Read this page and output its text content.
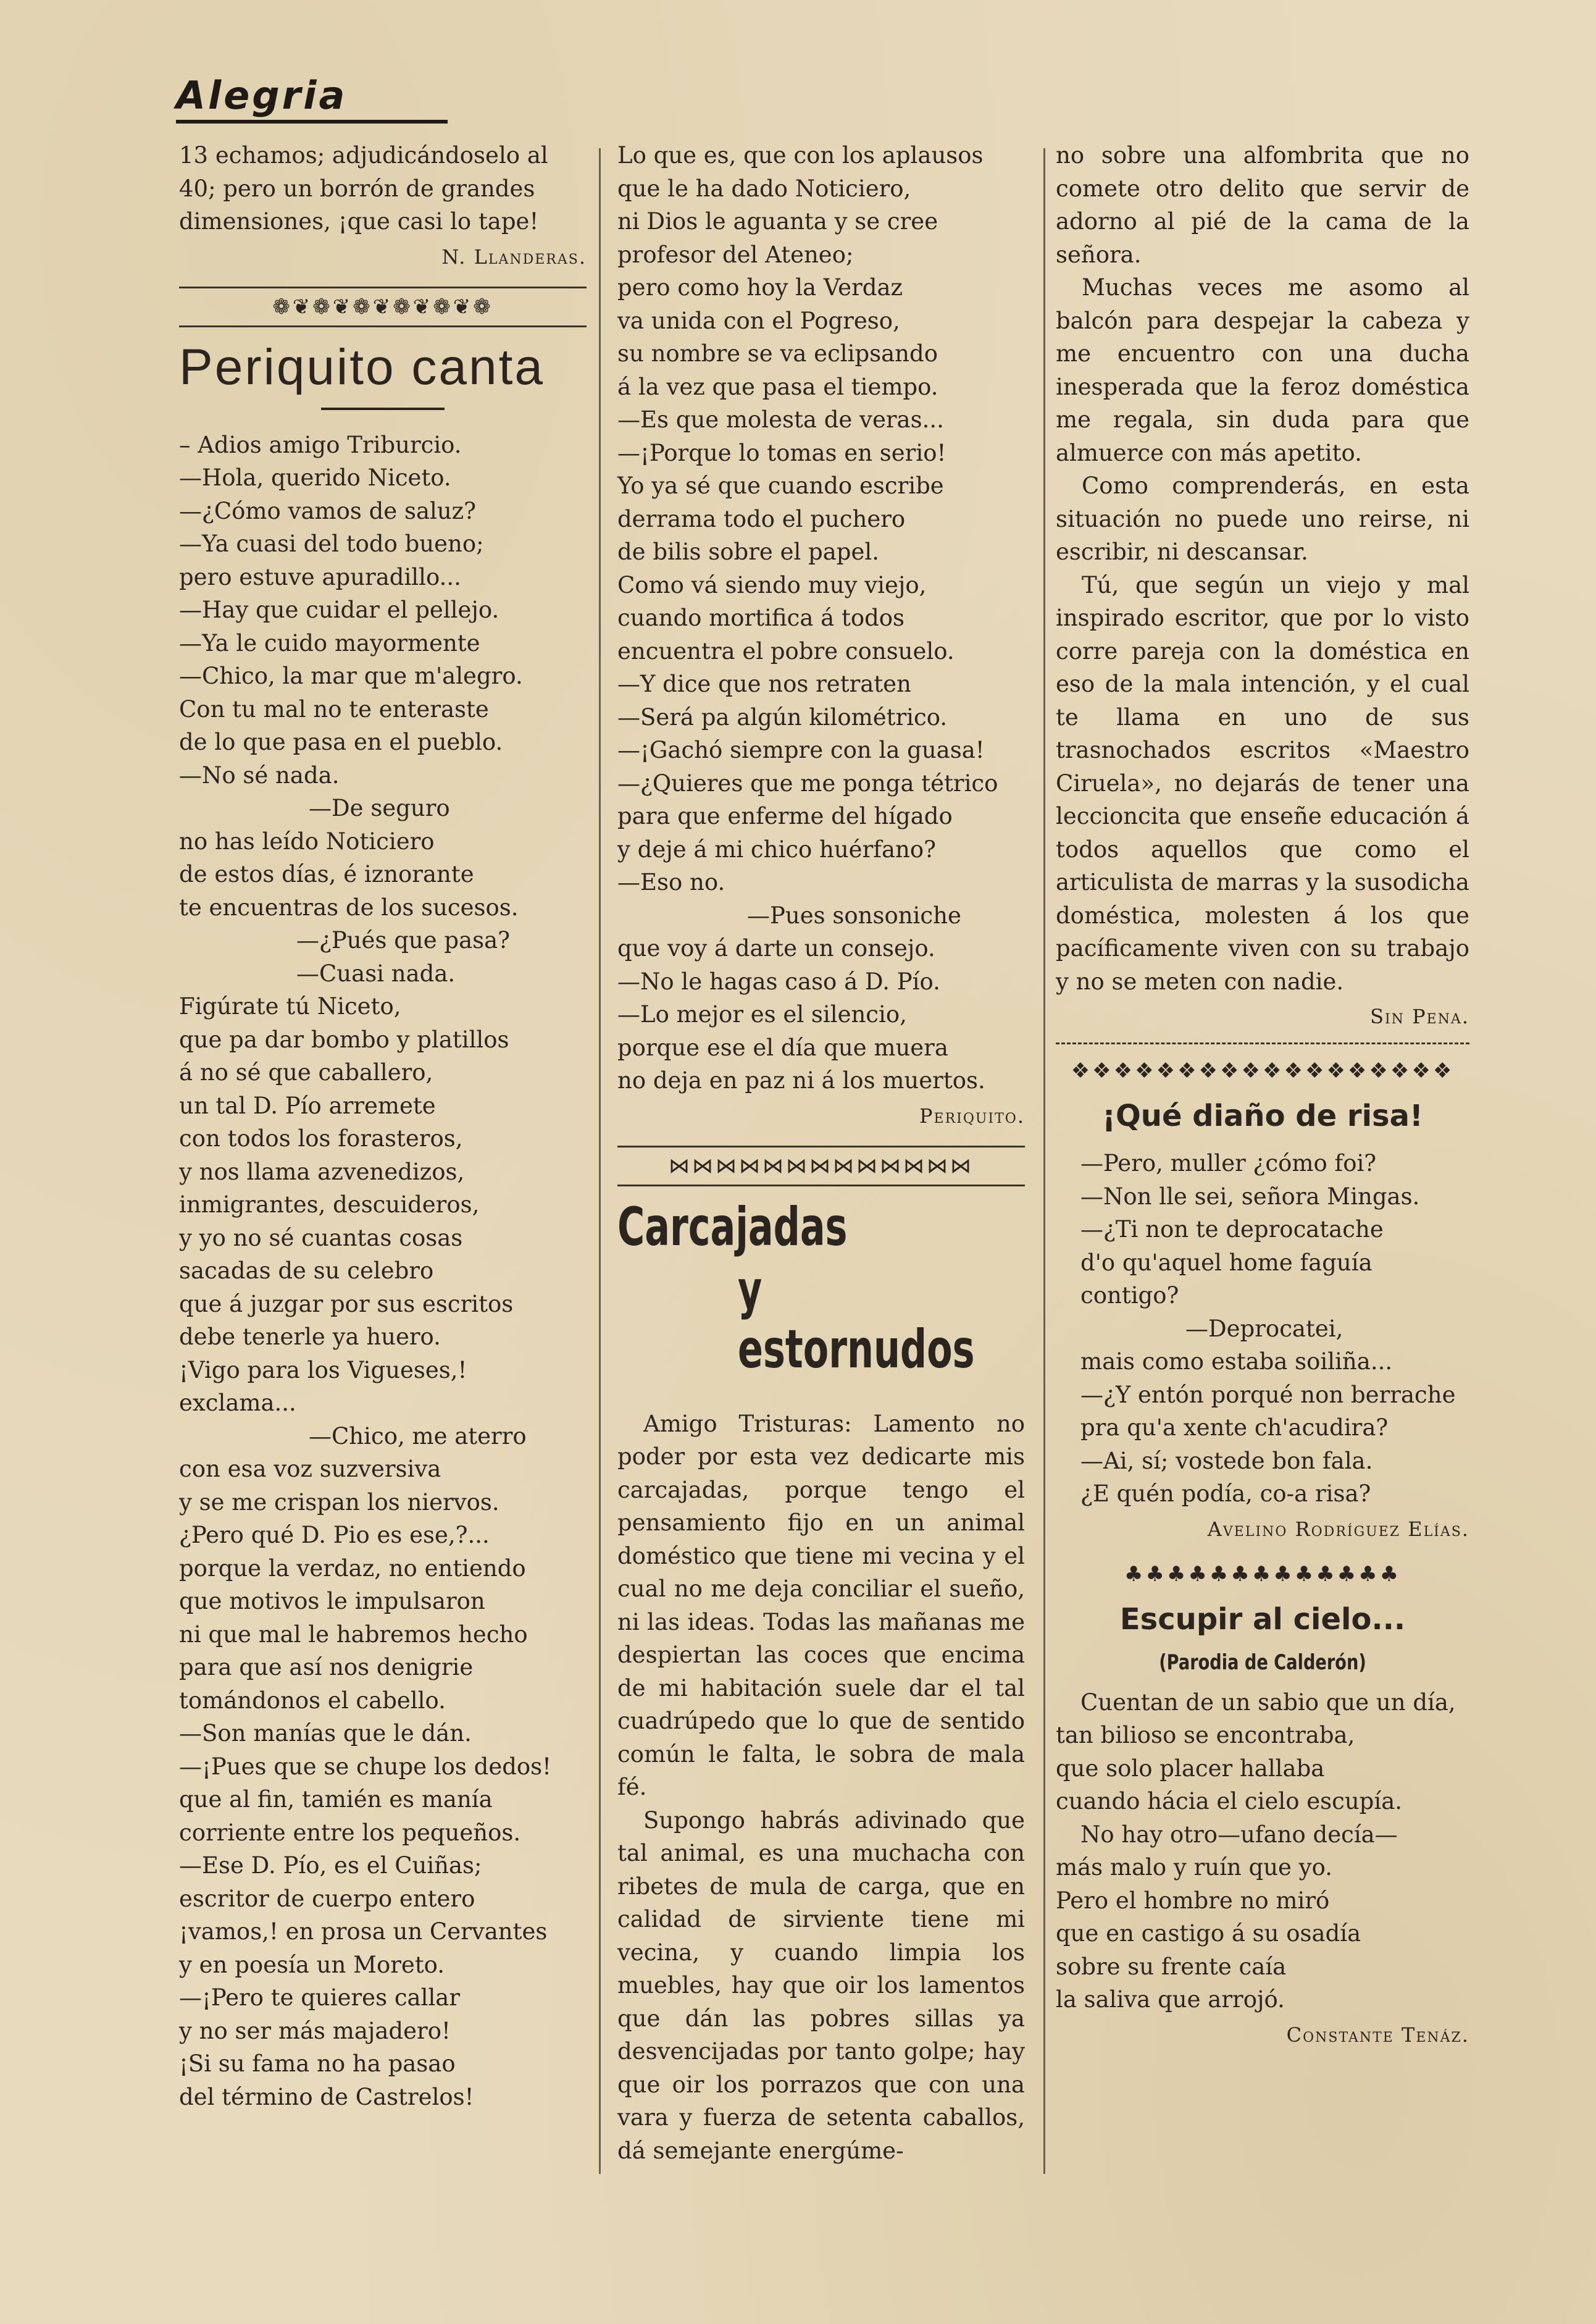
Alegria
13 echamos; adjudicándoselo al
40; pero un borrón de grandes
dimensiones, ¡que casi lo tape!
N. Llanderas.
❁❦❁❦❁❦❁❦❁❦❁
Periquito canta
– Adios amigo Triburcio.
—Hola, querido Niceto.
—¿Cómo vamos de saluz?
—Ya cuasi del todo bueno;
pero estuve apuradillo...
—Hay que cuidar el pellejo.
—Ya le cuido mayormente
—Chico, la mar que m'alegro.
Con tu mal no te enteraste
de lo que pasa en el pueblo.
—No sé nada.
—De seguro
no has leído Noticiero
de estos días, é iznorante
te encuentras de los sucesos.
—¿Pués que pasa?
—Cuasi nada.
Figúrate tú Niceto,
que pa dar bombo y platillos
á no sé que caballero,
un tal D. Pío arremete
con todos los forasteros,
y nos llama azvenedizos,
inmigrantes, descuideros,
y yo no sé cuantas cosas
sacadas de su celebro
que á juzgar por sus escritos
debe tenerle ya huero.
¡Vigo para los Vigueses,!
exclama...
—Chico, me aterro
con esa voz suzversiva
y se me crispan los niervos.
¿Pero qué D. Pio es ese,?...
porque la verdaz, no entiendo
que motivos le impulsaron
ni que mal le habremos hecho
para que así nos denigrie
tomándonos el cabello.
—Son manías que le dán.
—¡Pues que se chupe los dedos!
que al fin, tamién es manía
corriente entre los pequeños.
—Ese D. Pío, es el Cuiñas;
escritor de cuerpo entero
¡vamos,! en prosa un Cervantes
y en poesía un Moreto.
—¡Pero te quieres callar
y no ser más majadero!
¡Si su fama no ha pasao
del término de Castrelos!
Lo que es, que con los aplausos
que le ha dado Noticiero,
ni Dios le aguanta y se cree
profesor del Ateneo;
pero como hoy la Verdaz
va unida con el Pogreso,
su nombre se va eclipsando
á la vez que pasa el tiempo.
—Es que molesta de veras...
—¡Porque lo tomas en serio!
Yo ya sé que cuando escribe
derrama todo el puchero
de bilis sobre el papel.
Como vá siendo muy viejo,
cuando mortifica á todos
encuentra el pobre consuelo.
—Y dice que nos retraten
—Será pa algún kilométrico.
—¡Gachó siempre con la guasa!
—¿Quieres que me ponga tétrico
para que enferme del hígado
y deje á mi chico huérfano?
—Eso no.
—Pues sonsoniche
que voy á darte un consejo.
—No le hagas caso á D. Pío.
—Lo mejor es el silencio,
porque ese el día que muera
no deja en paz ni á los muertos.
Periquito.
⋈⋈⋈⋈⋈⋈⋈⋈⋈⋈⋈⋈⋈
Carcajadas
y estornudos

Amigo Tristuras: Lamento no poder por esta vez dedicarte mis carcajadas, porque tengo el pensamiento fijo en un animal doméstico que tiene mi vecina y el cual no me deja conciliar el sueño, ni las ideas. Todas las mañanas me despiertan las coces que encima de mi habitación suele dar el tal cuadrúpedo que lo que de sentido común le falta, le sobra de mala fé.

Supongo habrás adivinado que tal animal, es una muchacha con ribetes de mula de carga, que en calidad de sirviente tiene mi vecina, y cuando limpia los muebles, hay que oir los lamentos que dán las pobres sillas ya desvencijadas por tanto golpe; hay que oir los porrazos que con una vara y fuerza de setenta caballos, dá semejante energúme-

no sobre una alfombrita que no comete otro delito que servir de adorno al pié de la cama de la señora.

Muchas veces me asomo al balcón para despejar la cabeza y me encuentro con una ducha inesperada que la feroz doméstica me regala, sin duda para que almuerce con más apetito.

Como comprenderás, en esta situación no puede uno reirse, ni escribir, ni descansar.

Tú, que según un viejo y mal inspirado escritor, que por lo visto corre pareja con la doméstica en eso de la mala intención, y el cual te llama en uno de sus trasnochados escritos «Maestro Ciruela», no dejarás de tener una leccioncita que enseñe educación á todos aquellos que como el articulista de marras y la susodicha doméstica, molesten á los que pacíficamente viven con su trabajo y no se meten con nadie.

Sin Pena.
❖❖❖❖❖❖❖❖❖❖❖❖❖❖❖❖❖❖
¡Qué diaño de risa!
—Pero, muller ¿cómo foi?
—Non lle sei, señora Mingas.
—¿Ti non te deprocatache
d'o qu'aquel home faguía
contigo?
—Deprocatei,
mais como estaba soiliña...
—¿Y entón porqué non berrache
pra qu'a xente ch'acudira?
—Ai, sí; vostede bon fala.
¿E quén podía, co-a risa?
Avelino Rodríguez Elías.
♣♣♣♣♣♣♣♣♣♣♣♣♣
Escupir al cielo...
(Parodia de Calderón)
Cuentan de un sabio que un día,
tan bilioso se encontraba,
que solo placer hallaba
cuando hácia el cielo escupía.
No hay otro—ufano decía—
más malo y ruín que yo.
Pero el hombre no miró
que en castigo á su osadía
sobre su frente caía
la saliva que arrojó.
Constante Tenáz.
